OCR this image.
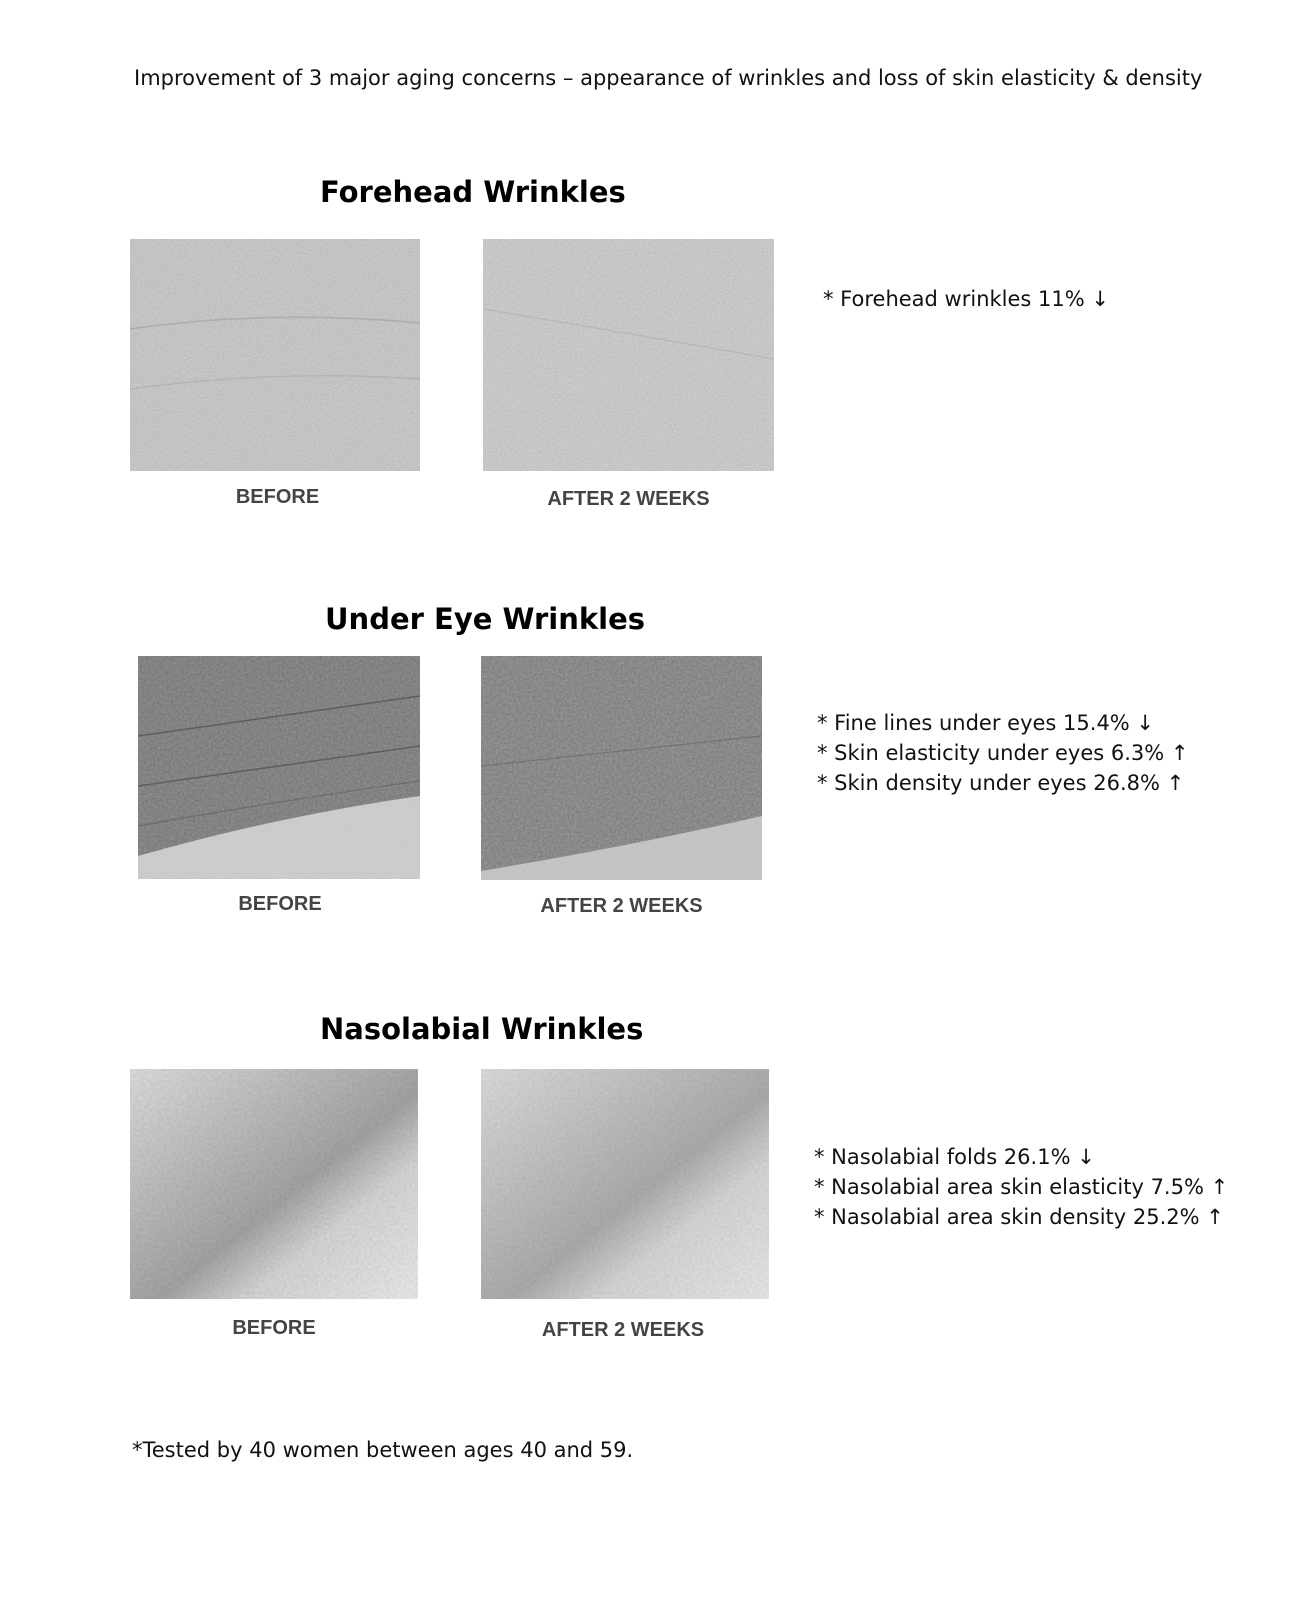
Improvement of 3 major aging concerns – appearance of wrinkles and loss of skin elasticity & density
Forehead Wrinkles
BEFORE	AFTER 2 WEEKS
* Forehead wrinkles 11% ↓
Under Eye Wrinkles
BEFORE	AFTER 2 WEEKS
* Fine lines under eyes 15.4% ↓
* Skin elasticity under eyes 6.3% ↑
* Skin density under eyes 26.8% ↑
Nasolabial Wrinkles
BEFORE	AFTER 2 WEEKS
* Nasolabial folds 26.1% ↓
* Nasolabial area skin elasticity 7.5% ↑
* Nasolabial area skin density 25.2% ↑
*Tested by 40 women between ages 40 and 59.
